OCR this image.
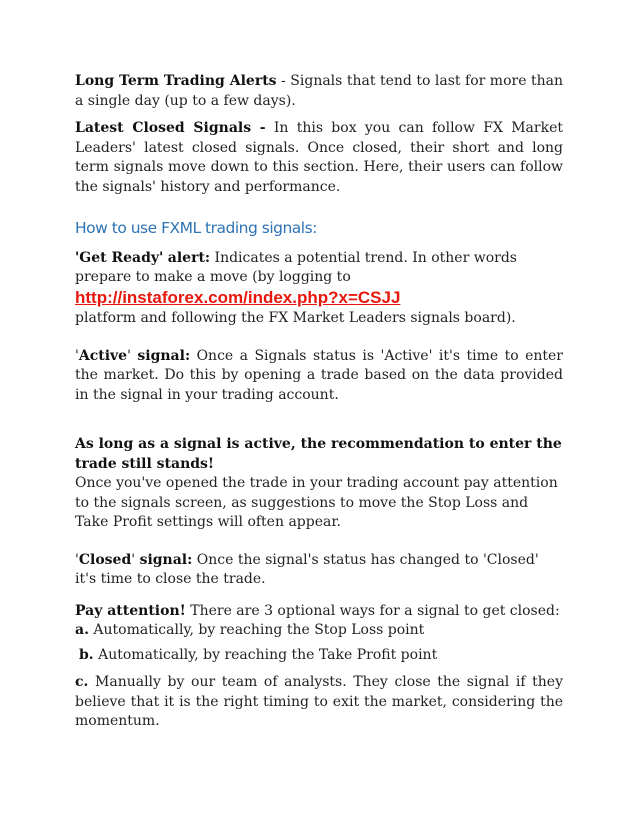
Long Term Trading Alerts - Signals that tend to last for more than a single day (up to a few days).

Latest Closed Signals - In this box you can follow FX Market Leaders' latest closed signals. Once closed, their short and long term signals move down to this section. Here, their users can follow the signals' history and performance.

How to use FXML trading signals:

'Get Ready' alert: Indicates a potential trend. In other words prepare to make a move (by logging to
http://instaforex.com/index.php?x=CSJJ
platform and following the FX Market Leaders signals board).

'Active' signal: Once a Signals status is 'Active' it's time to enter the market. Do this by opening a trade based on the data provided in the signal in your trading account.

As long as a signal is active, the recommendation to enter the trade still stands!
Once you've opened the trade in your trading account pay attention to the signals screen, as suggestions to move the Stop Loss and Take Profit settings will often appear.

'Closed' signal: Once the signal's status has changed to 'Closed' it's time to close the trade.

Pay attention! There are 3 optional ways for a signal to get closed:
a. Automatically, by reaching the Stop Loss point

b. Automatically, by reaching the Take Profit point

c. Manually by our team of analysts. They close the signal if they believe that it is the right timing to exit the market, considering the momentum.
